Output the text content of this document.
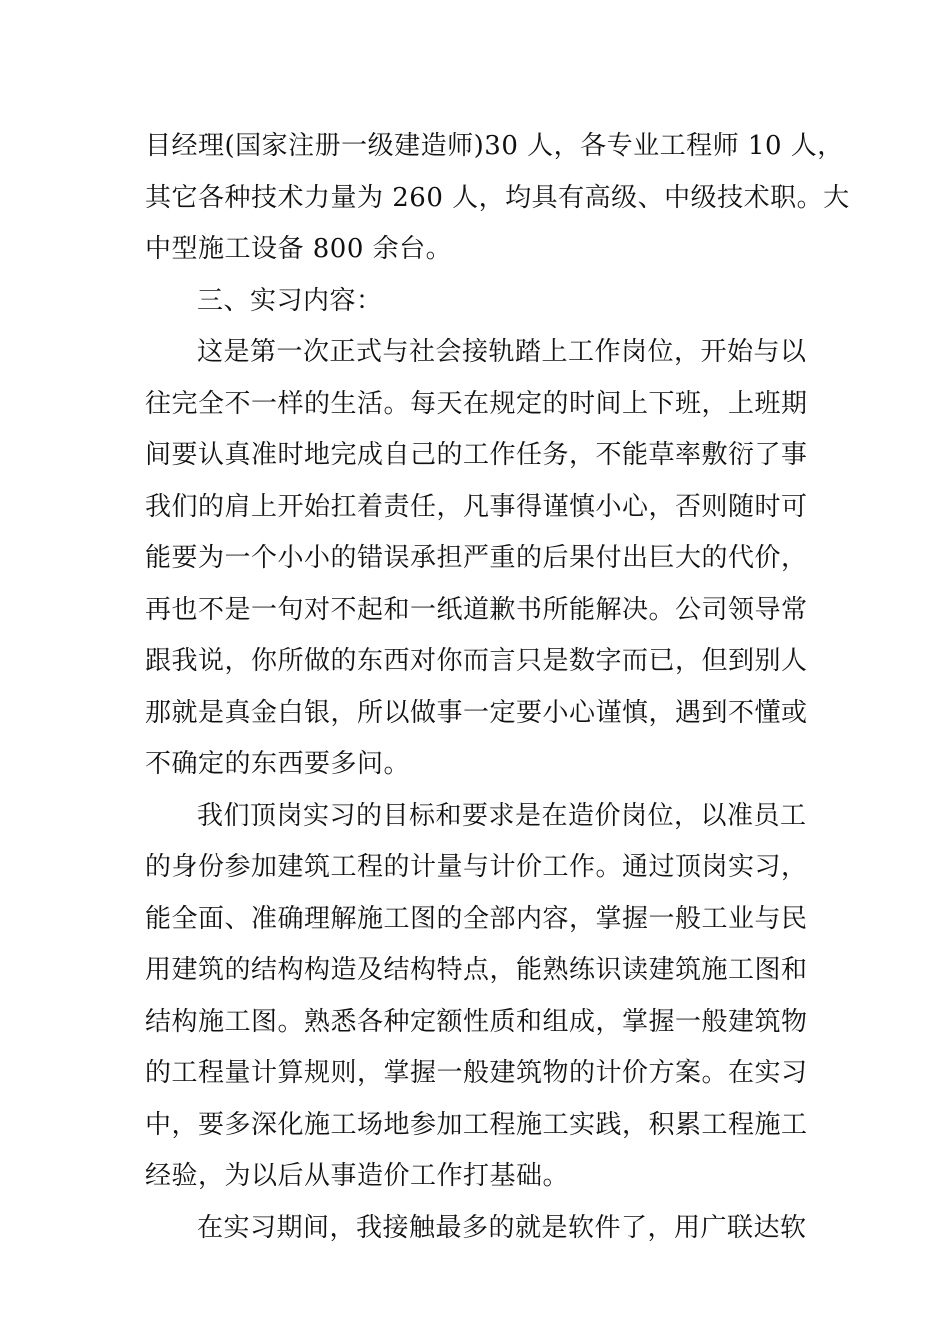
目经理(国家注册一级建造师)30 人，各专业工程师 10 人，
其它各种技术力量为 260 人，均具有高级、中级技术职。大
中型施工设备 800 余台。
三、实习内容：
这是第一次正式与社会接轨踏上工作岗位，开始与以
往完全不一样的生活。每天在规定的时间上下班，上班期
间要认真准时地完成自己的工作任务，不能草率敷衍了事
我们的肩上开始扛着责任，凡事得谨慎小心，否则随时可
能要为一个小小的错误承担严重的后果付出巨大的代价，
再也不是一句对不起和一纸道歉书所能解决。公司领导常
跟我说，你所做的东西对你而言只是数字而已，但到别人
那就是真金白银，所以做事一定要小心谨慎，遇到不懂或
不确定的东西要多问。
我们顶岗实习的目标和要求是在造价岗位，以准员工
的身份参加建筑工程的计量与计价工作。通过顶岗实习，
能全面、准确理解施工图的全部内容，掌握一般工业与民
用建筑的结构构造及结构特点，能熟练识读建筑施工图和
结构施工图。熟悉各种定额性质和组成，掌握一般建筑物
的工程量计算规则，掌握一般建筑物的计价方案。在实习
中，要多深化施工场地参加工程施工实践，积累工程施工
经验，为以后从事造价工作打基础。
在实习期间，我接触最多的就是软件了，用广联达软
